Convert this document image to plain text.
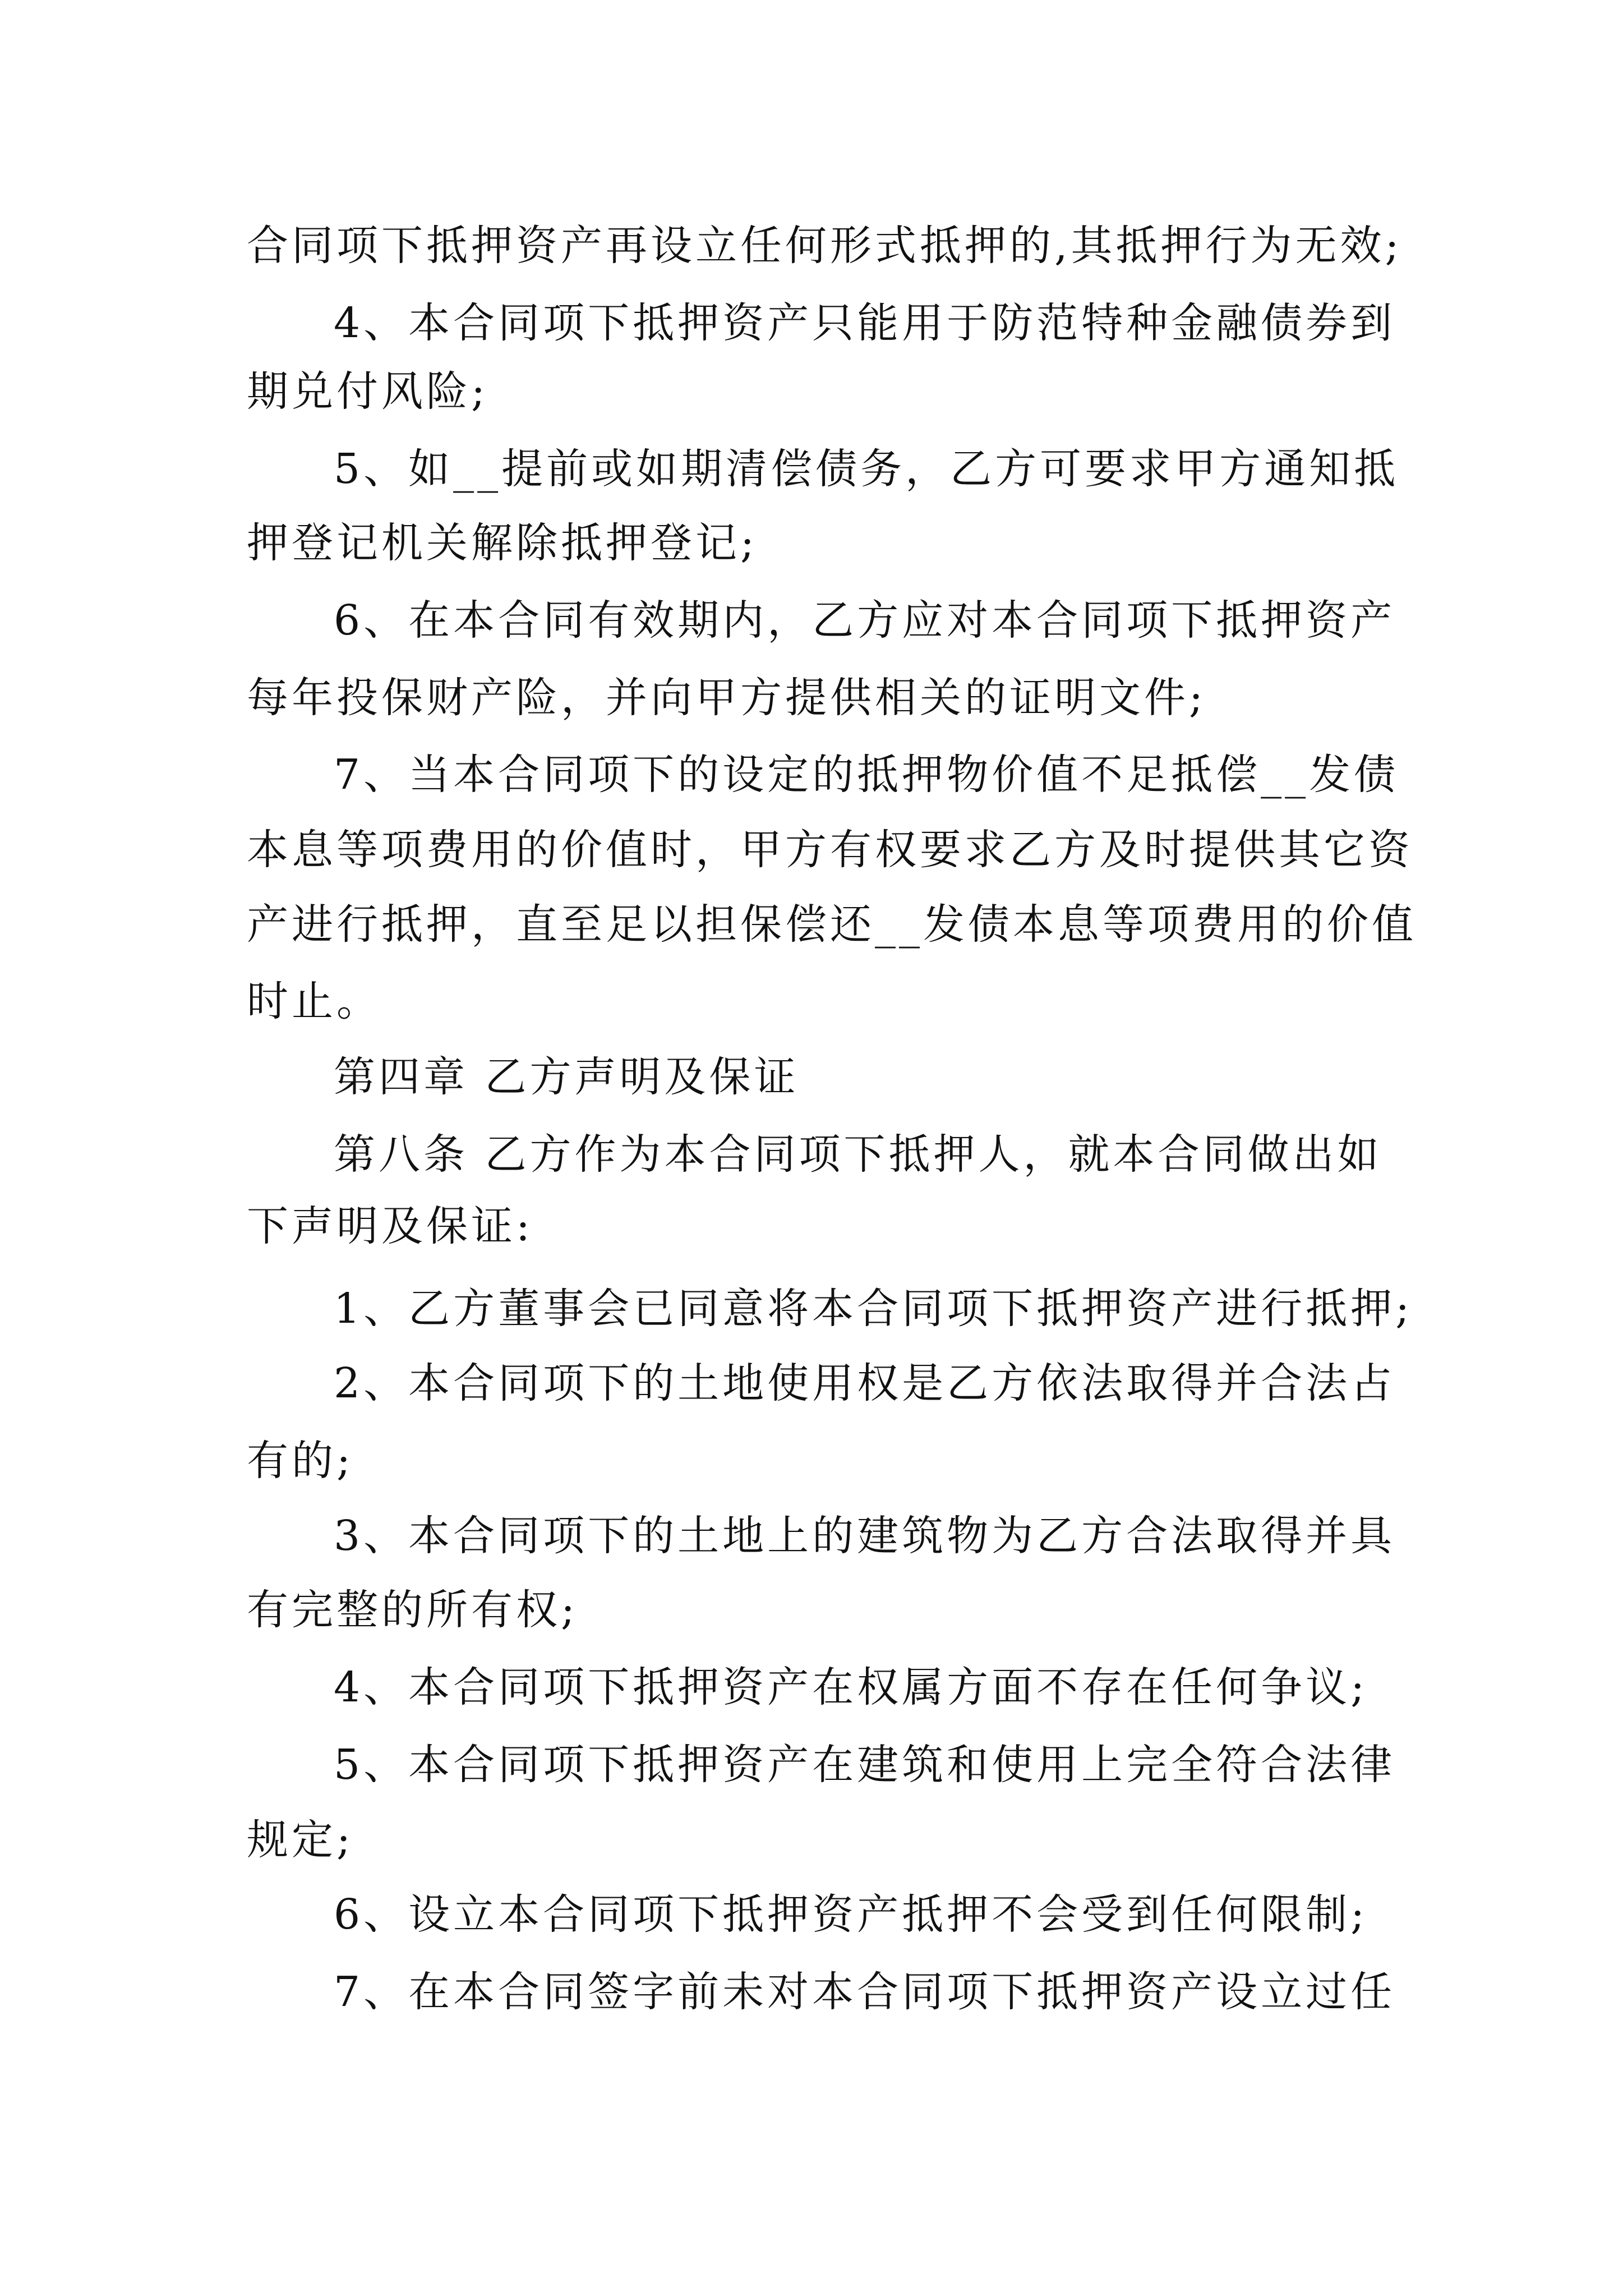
合同项下抵押资产再设立任何形式抵押的,其抵押行为无效;

4、本合同项下抵押资产只能用于防范特种金融债券到

期兑付风险;

5、如__提前或如期清偿债务，乙方可要求甲方通知抵

押登记机关解除抵押登记;

6、在本合同有效期内，乙方应对本合同项下抵押资产

每年投保财产险，并向甲方提供相关的证明文件;

7、当本合同项下的设定的抵押物价值不足抵偿__发债

本息等项费用的价值时，甲方有权要求乙方及时提供其它资

产进行抵押，直至足以担保偿还__发债本息等项费用的价值

时止。

第四章 乙方声明及保证

第八条 乙方作为本合同项下抵押人，就本合同做出如

下声明及保证:

1、乙方董事会已同意将本合同项下抵押资产进行抵押;

2、本合同项下的土地使用权是乙方依法取得并合法占

有的;

3、本合同项下的土地上的建筑物为乙方合法取得并具

有完整的所有权;

4、本合同项下抵押资产在权属方面不存在任何争议;

5、本合同项下抵押资产在建筑和使用上完全符合法律

规定;

6、设立本合同项下抵押资产抵押不会受到任何限制;

7、在本合同签字前未对本合同项下抵押资产设立过任
